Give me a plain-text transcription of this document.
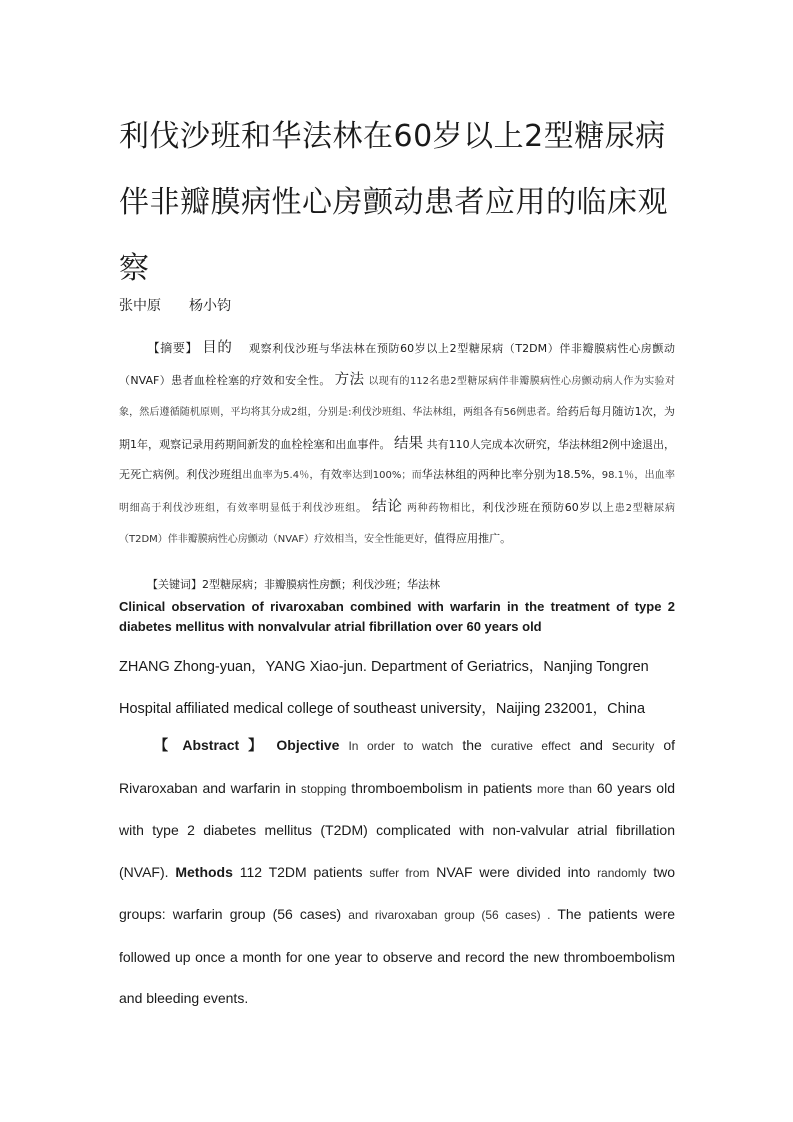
利伐沙班和华法林在60岁以上2型糖尿病伴非瓣膜病性心房颤动患者应用的临床观察
张中原 杨小钧
【摘要】 目的 观察利伐沙班与华法林在预防60岁以上2型糖尿病（T2DM）伴非瓣膜病性心房颤动（NVAF）患者血栓栓塞的疗效和安全性。 方法 以现有的112名患2型糖尿病伴非瓣膜病性心房颤动病人作为实验对象，然后遵循随机原则，平均将其分成2组，分别是:利伐沙班组、华法林组，两组各有56例患者。给药后每月随访1次，为期1年，观察记录用药期间新发的血栓栓塞和出血事件。 结果 共有110人完成本次研究，华法林组2例中途退出，无死亡病例。利伐沙班组出血率为5.4％，有效率达到100%；而华法林组的两种比率分别为18.5%，98.1％，出血率明细高于利伐沙班组，有效率明显低于利伐沙班组。 结论 两种药物相比，利伐沙班在预防60岁以上患2型糖尿病（T2DM）伴非瓣膜病性心房颤动（NVAF）疗效相当，安全性能更好，值得应用推广。
【关键词】2型糖尿病；非瓣膜病性房颤；利伐沙班；华法林
Clinical observation of rivaroxaban combined with warfarin in the treatment of type 2 diabetes mellitus with nonvalvular atrial fibrillation over 60 years old
ZHANG Zhong-yuan，YANG Xiao-jun. Department of Geriatrics，Nanjing Tongren Hospital affiliated medical college of southeast university，Naijing 232001，China
【 Abstract 】 Objective In order to watch the curative effect and security of Rivaroxaban and warfarin in stopping thromboembolism in patients more than 60 years old with type 2 diabetes mellitus (T2DM) complicated with non-valvular atrial fibrillation (NVAF). Methods 112 T2DM patients suffer from NVAF were divided into randomly two groups: warfarin group (56 cases) and rivaroxaban group (56 cases) . The patients were followed up once a month for one year to observe and record the new thromboembolism and bleeding events.
